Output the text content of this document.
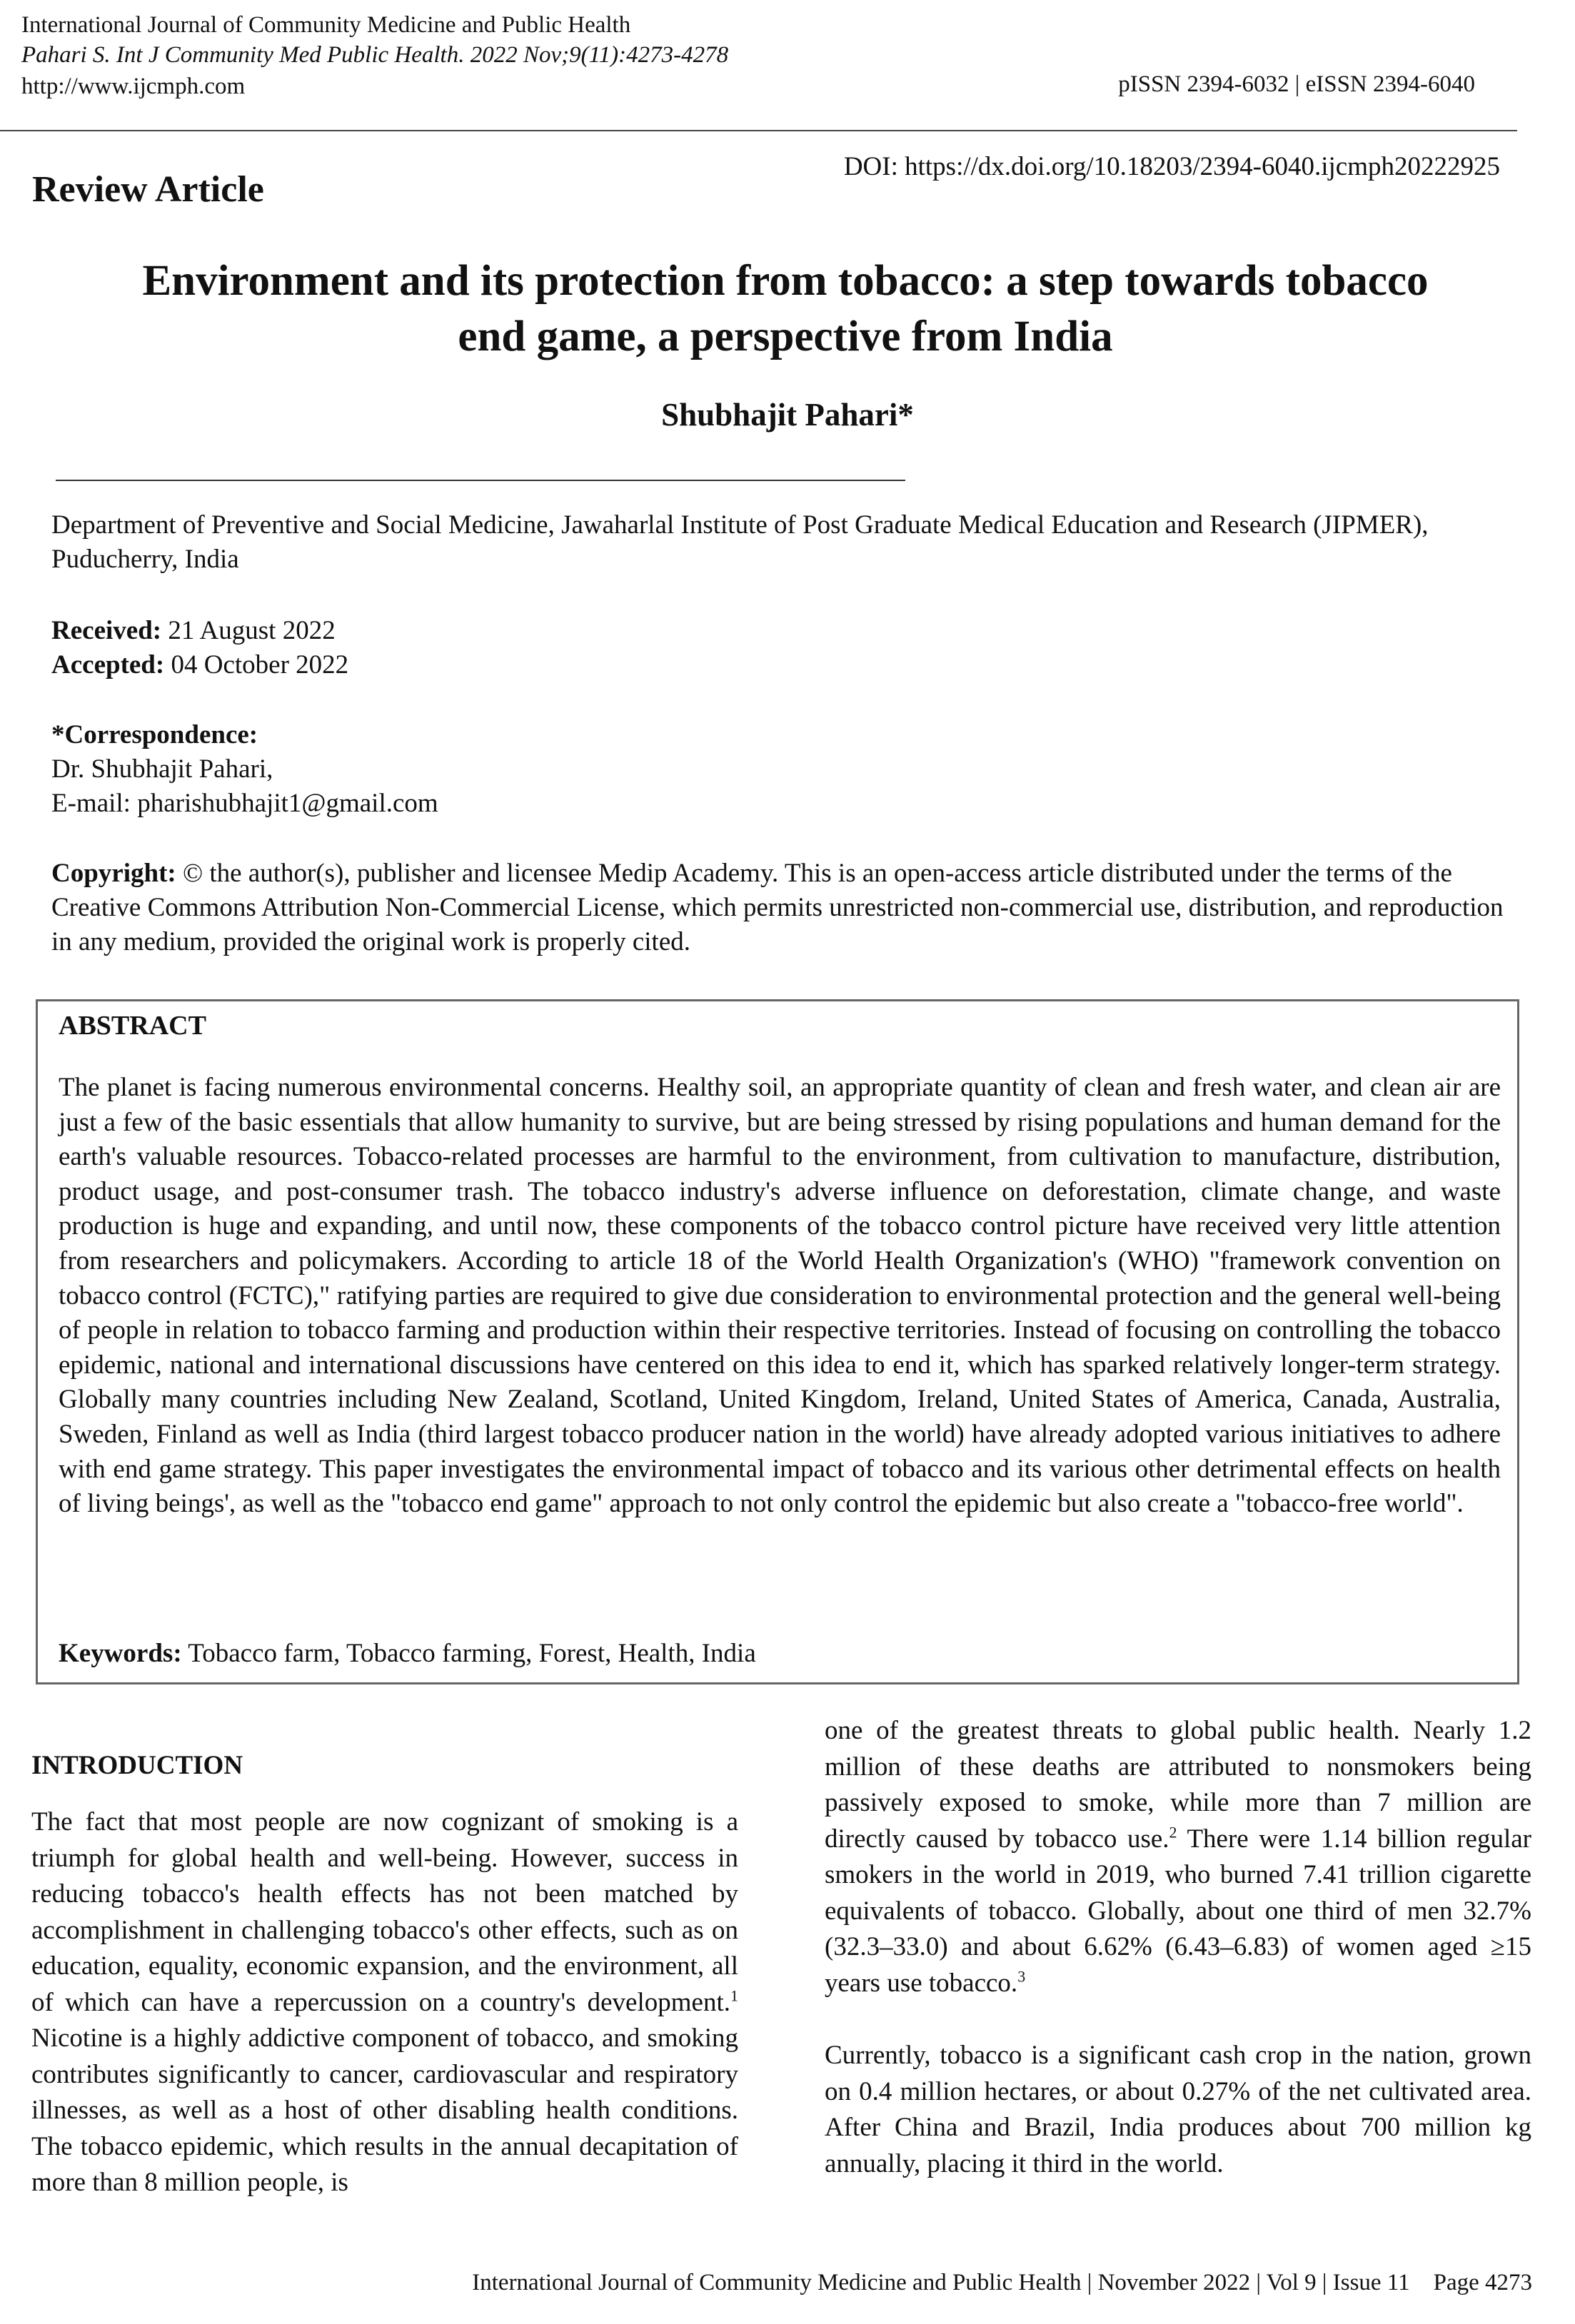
International Journal of Community Medicine and Public Health
Pahari S. Int J Community Med Public Health. 2022 Nov;9(11):4273-4278
http://www.ijcmph.com	pISSN 2394-6032 | eISSN 2394-6040
Review Article
DOI: https://dx.doi.org/10.18203/2394-6040.ijcmph20222925
Environment and its protection from tobacco: a step towards tobacco
end game, a perspective from India
Shubhajit Pahari*
Department of Preventive and Social Medicine, Jawaharlal Institute of Post Graduate Medical Education and Research (JIPMER), Puducherry, India
Received: 21 August 2022
Accepted: 04 October 2022
*Correspondence:
Dr. Shubhajit Pahari,
E-mail: pharishubhajit1@gmail.com
Copyright: © the author(s), publisher and licensee Medip Academy. This is an open-access article distributed under the terms of the Creative Commons Attribution Non-Commercial License, which permits unrestricted non-commercial use, distribution, and reproduction in any medium, provided the original work is properly cited.
ABSTRACT
The planet is facing numerous environmental concerns. Healthy soil, an appropriate quantity of clean and fresh water, and clean air are just a few of the basic essentials that allow humanity to survive, but are being stressed by rising populations and human demand for the earth's valuable resources. Tobacco-related processes are harmful to the environment, from cultivation to manufacture, distribution, product usage, and post-consumer trash. The tobacco industry's adverse influence on deforestation, climate change, and waste production is huge and expanding, and until now, these components of the tobacco control picture have received very little attention from researchers and policymakers. According to article 18 of the World Health Organization's (WHO) "framework convention on tobacco control (FCTC)," ratifying parties are required to give due consideration to environmental protection and the general well-being of people in relation to tobacco farming and production within their respective territories. Instead of focusing on controlling the tobacco epidemic, national and international discussions have centered on this idea to end it, which has sparked relatively longer-term strategy. Globally many countries including New Zealand, Scotland, United Kingdom, Ireland, United States of America, Canada, Australia, Sweden, Finland as well as India (third largest tobacco producer nation in the world) have already adopted various initiatives to adhere with end game strategy. This paper investigates the environmental impact of tobacco and its various other detrimental effects on health of living beings', as well as the "tobacco end game" approach to not only control the epidemic but also create a "tobacco-free world".
Keywords: Tobacco farm, Tobacco farming, Forest, Health, India
INTRODUCTION
The fact that most people are now cognizant of smoking is a triumph for global health and well-being. However, success in reducing tobacco's health effects has not been matched by accomplishment in challenging tobacco's other effects, such as on education, equality, economic expansion, and the environment, all of which can have a repercussion on a country's development.$^1$ Nicotine is a highly addictive component of tobacco, and smoking contributes significantly to cancer, cardiovascular and respiratory illnesses, as well as a host of other disabling health conditions. The tobacco epidemic, which results in the annual decapitation of more than 8 million people, is
one of the greatest threats to global public health. Nearly 1.2 million of these deaths are attributed to nonsmokers being passively exposed to smoke, while more than 7 million are directly caused by tobacco use.$^2$ There were 1.14 billion regular smokers in the world in 2019, who burned 7.41 trillion cigarette equivalents of tobacco. Globally, about one third of men 32.7% (32.3–33.0) and about 6.62% (6.43–6.83) of women aged ≥15 years use tobacco.$^3$
Currently, tobacco is a significant cash crop in the nation, grown on 0.4 million hectares, or about 0.27% of the net cultivated area. After China and Brazil, India produces about 700 million kg annually, placing it third in the world.
International Journal of Community Medicine and Public Health | November 2022 | Vol 9 | Issue 11    Page 4273
